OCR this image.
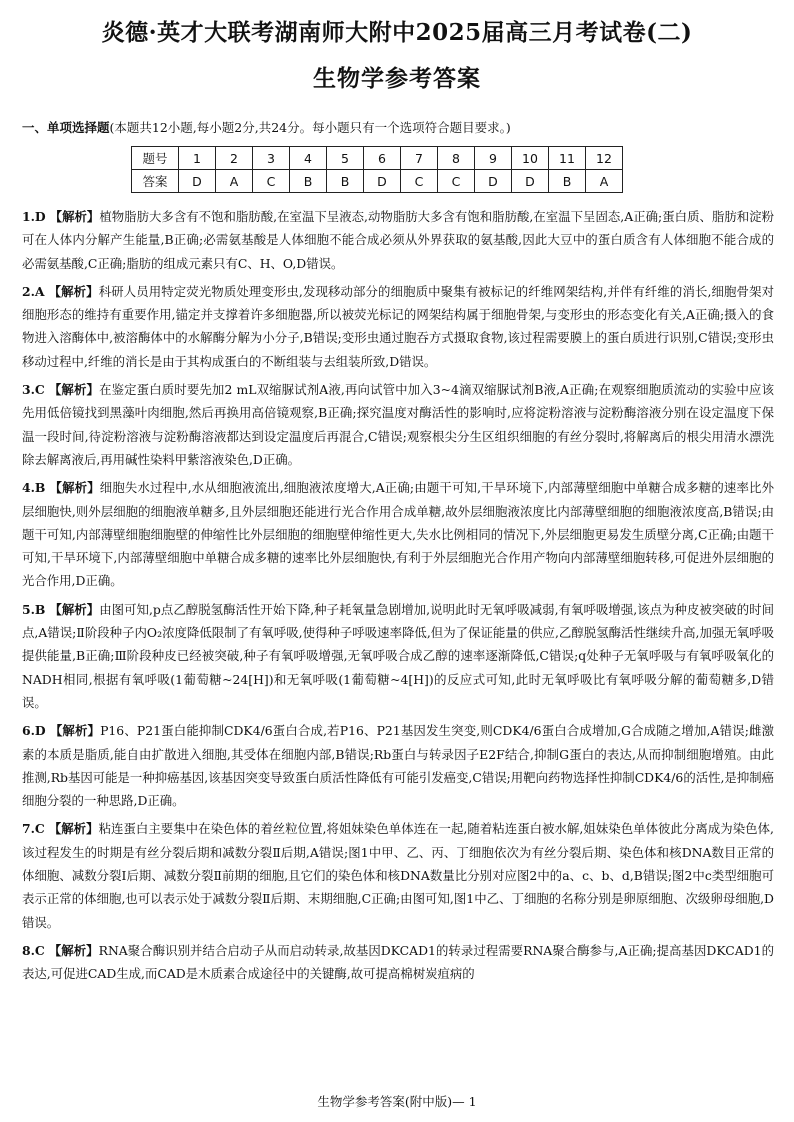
炎德·英才大联考湖南师大附中2025届高三月考试卷(二)
生物学参考答案
一、单项选择题(本题共12小题,每小题2分,共24分。每小题只有一个选项符合题目要求。)
题号	1	2	3	4	5	6	7	8	9	10	11	12
答案	D	A	C	B	B	D	C	C	D	D	B	A

1.D 【解析】植物脂肪大多含有不饱和脂肪酸,在室温下呈液态,动物脂肪大多含有饱和脂肪酸,在室温下呈固态,A正确;蛋白质、脂肪和淀粉可在人体内分解产生能量,B正确;必需氨基酸是人体细胞不能合成必须从外界获取的氨基酸,因此大豆中的蛋白质含有人体细胞不能合成的必需氨基酸,C正确;脂肪的组成元素只有C、H、O,D错误。

2.A 【解析】科研人员用特定荧光物质处理变形虫,发现移动部分的细胞质中聚集有被标记的纤维网架结构,并伴有纤维的消长,细胞骨架对细胞形态的维持有重要作用,锚定并支撑着许多细胞器,所以被荧光标记的网架结构属于细胞骨架,与变形虫的形态变化有关,A正确;摄入的食物进入溶酶体中,被溶酶体中的水解酶分解为小分子,B错误;变形虫通过胞吞方式摄取食物,该过程需要膜上的蛋白质进行识别,C错误;变形虫移动过程中,纤维的消长是由于其构成蛋白的不断组装与去组装所致,D错误。

3.C 【解析】在鉴定蛋白质时要先加2 mL双缩脲试剂A液,再向试管中加入3~4滴双缩脲试剂B液,A正确;在观察细胞质流动的实验中应该先用低倍镜找到黑藻叶肉细胞,然后再换用高倍镜观察,B正确;探究温度对酶活性的影响时,应将淀粉溶液与淀粉酶溶液分别在设定温度下保温一段时间,待淀粉溶液与淀粉酶溶液都达到设定温度后再混合,C错误;观察根尖分生区组织细胞的有丝分裂时,将解离后的根尖用清水漂洗除去解离液后,再用碱性染料甲紫溶液染色,D正确。

4.B 【解析】细胞失水过程中,水从细胞液流出,细胞液浓度增大,A正确;由题干可知,干旱环境下,内部薄壁细胞中单糖合成多糖的速率比外层细胞快,则外层细胞的细胞液单糖多,且外层细胞还能进行光合作用合成单糖,故外层细胞液浓度比内部薄壁细胞的细胞液浓度高,B错误;由题干可知,内部薄壁细胞细胞壁的伸缩性比外层细胞的细胞壁伸缩性更大,失水比例相同的情况下,外层细胞更易发生质壁分离,C正确;由题干可知,干旱环境下,内部薄壁细胞中单糖合成多糖的速率比外层细胞快,有利于外层细胞光合作用产物向内部薄壁细胞转移,可促进外层细胞的光合作用,D正确。

5.B 【解析】由图可知,p点乙醇脱氢酶活性开始下降,种子耗氧量急剧增加,说明此时无氧呼吸减弱,有氧呼吸增强,该点为种皮被突破的时间点,A错误;Ⅱ阶段种子内O₂浓度降低限制了有氧呼吸,使得种子呼吸速率降低,但为了保证能量的供应,乙醇脱氢酶活性继续升高,加强无氧呼吸提供能量,B正确;Ⅲ阶段种皮已经被突破,种子有氧呼吸增强,无氧呼吸合成乙醇的速率逐渐降低,C错误;q处种子无氧呼吸与有氧呼吸氧化的NADH相同,根据有氧呼吸(1葡萄糖~24[H])和无氧呼吸(1葡萄糖~4[H])的反应式可知,此时无氧呼吸比有氧呼吸分解的葡萄糖多,D错误。

6.D 【解析】P16、P21蛋白能抑制CDK4/6蛋白合成,若P16、P21基因发生突变,则CDK4/6蛋白合成增加,G合成随之增加,A错误;雌激素的本质是脂质,能自由扩散进入细胞,其受体在细胞内部,B错误;Rb蛋白与转录因子E2F结合,抑制G蛋白的表达,从而抑制细胞增殖。由此推测,Rb基因可能是一种抑癌基因,该基因突变导致蛋白质活性降低有可能引发癌变,C错误;用靶向药物选择性抑制CDK4/6的活性,是抑制癌细胞分裂的一种思路,D正确。

7.C 【解析】粘连蛋白主要集中在染色体的着丝粒位置,将姐妹染色单体连在一起,随着粘连蛋白被水解,姐妹染色单体彼此分离成为染色体,该过程发生的时期是有丝分裂后期和减数分裂Ⅱ后期,A错误;图1中甲、乙、丙、丁细胞依次为有丝分裂后期、染色体和核DNA数目正常的体细胞、减数分裂Ⅰ后期、减数分裂Ⅱ前期的细胞,且它们的染色体和核DNA数量比分别对应图2中的a、c、b、d,B错误;图2中c类型细胞可表示正常的体细胞,也可以表示处于减数分裂Ⅱ后期、末期细胞,C正确;由图可知,图1中乙、丁细胞的名称分别是卵原细胞、次级卵母细胞,D错误。

8.C 【解析】RNA聚合酶识别并结合启动子从而启动转录,故基因DKCAD1的转录过程需要RNA聚合酶参与,A正确;提高基因DKCAD1的表达,可促进CAD生成,而CAD是木质素合成途径中的关键酶,故可提高棉树炭疽病的

生物学参考答案(附中版)— 1
